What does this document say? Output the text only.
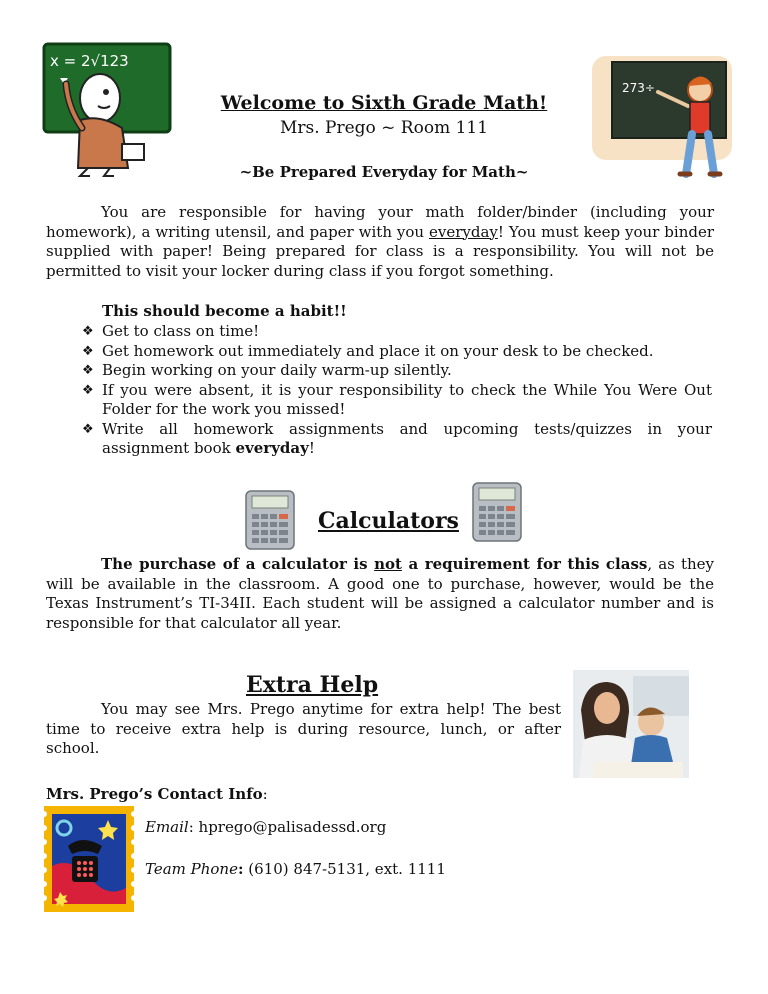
x = 2√123
273÷
Welcome to Sixth Grade Math!
Mrs. Prego ~ Room 111
~Be Prepared Everyday for Math~

You are responsible for having your math folder/binder (including your homework), a writing utensil, and paper with you everyday! You must keep your binder supplied with paper! Being prepared for class is a responsibility. You will not be permitted to visit your locker during class if you forgot something.

This should become a habit!!
❖ Get to class on time!
❖ Get homework out immediately and place it on your desk to be checked.
❖ Begin working on your daily warm-up silently.
❖ If you were absent, it is your responsibility to check the While You Were Out Folder for the work you missed!
❖ Write all homework assignments and upcoming tests/quizzes in your assignment book everyday!
Calculators

The purchase of a calculator is not a requirement for this class, as they will be available in the classroom. A good one to purchase, however, would be the Texas Instrument’s TI-34II. Each student will be assigned a calculator number and is responsible for that calculator all year.

Extra Help

You may see Mrs. Prego anytime for extra help! The best time to receive extra help is during resource, lunch, or after school.

Mrs. Prego’s Contact Info:
Email: hprego@palisadessd.org
Team Phone: (610) 847-5131, ext. 1111
